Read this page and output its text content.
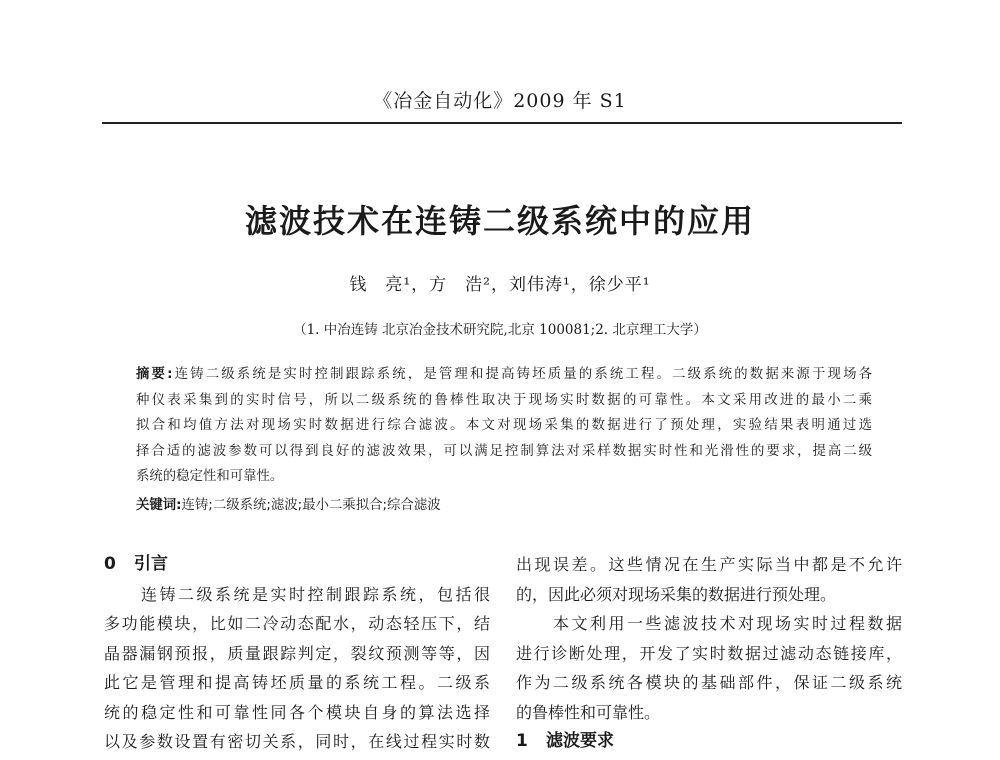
《冶金自动化》2009 年 S1
滤波技术在连铸二级系统中的应用
钱　亮¹，方　浩²，刘伟涛¹，徐少平¹
（1. 中冶连铸 北京冶金技术研究院,北京 100081;2. 北京理工大学）
摘要:连铸二级系统是实时控制跟踪系统，是管理和提高铸坯质量的系统工程。二级系统的数据来源于现场各
种仪表采集到的实时信号，所以二级系统的鲁棒性取决于现场实时数据的可靠性。本文采用改进的最小二乘
拟合和均值方法对现场实时数据进行综合滤波。本文对现场采集的数据进行了预处理，实验结果表明通过选
择合适的滤波参数可以得到良好的滤波效果，可以满足控制算法对采样数据实时性和光滑性的要求，提高二级
系统的稳定性和可靠性。
关键词:连铸;二级系统;滤波;最小二乘拟合;综合滤波
0 引言
　　连铸二级系统是实时控制跟踪系统，包括很
多功能模块，比如二冷动态配水，动态轻压下，结
晶器漏钢预报，质量跟踪判定，裂纹预测等等，因
此它是管理和提高铸坯质量的系统工程。二级系
统的稳定性和可靠性同各个模块自身的算法选择
以及参数设置有密切关系，同时，在线过程实时数
出现误差。这些情况在生产实际当中都是不允许
的，因此必须对现场采集的数据进行预处理。
　　本文利用一些滤波技术对现场实时过程数据
进行诊断处理，开发了实时数据过滤动态链接库，
作为二级系统各模块的基础部件，保证二级系统
的鲁棒性和可靠性。
1 滤波要求
